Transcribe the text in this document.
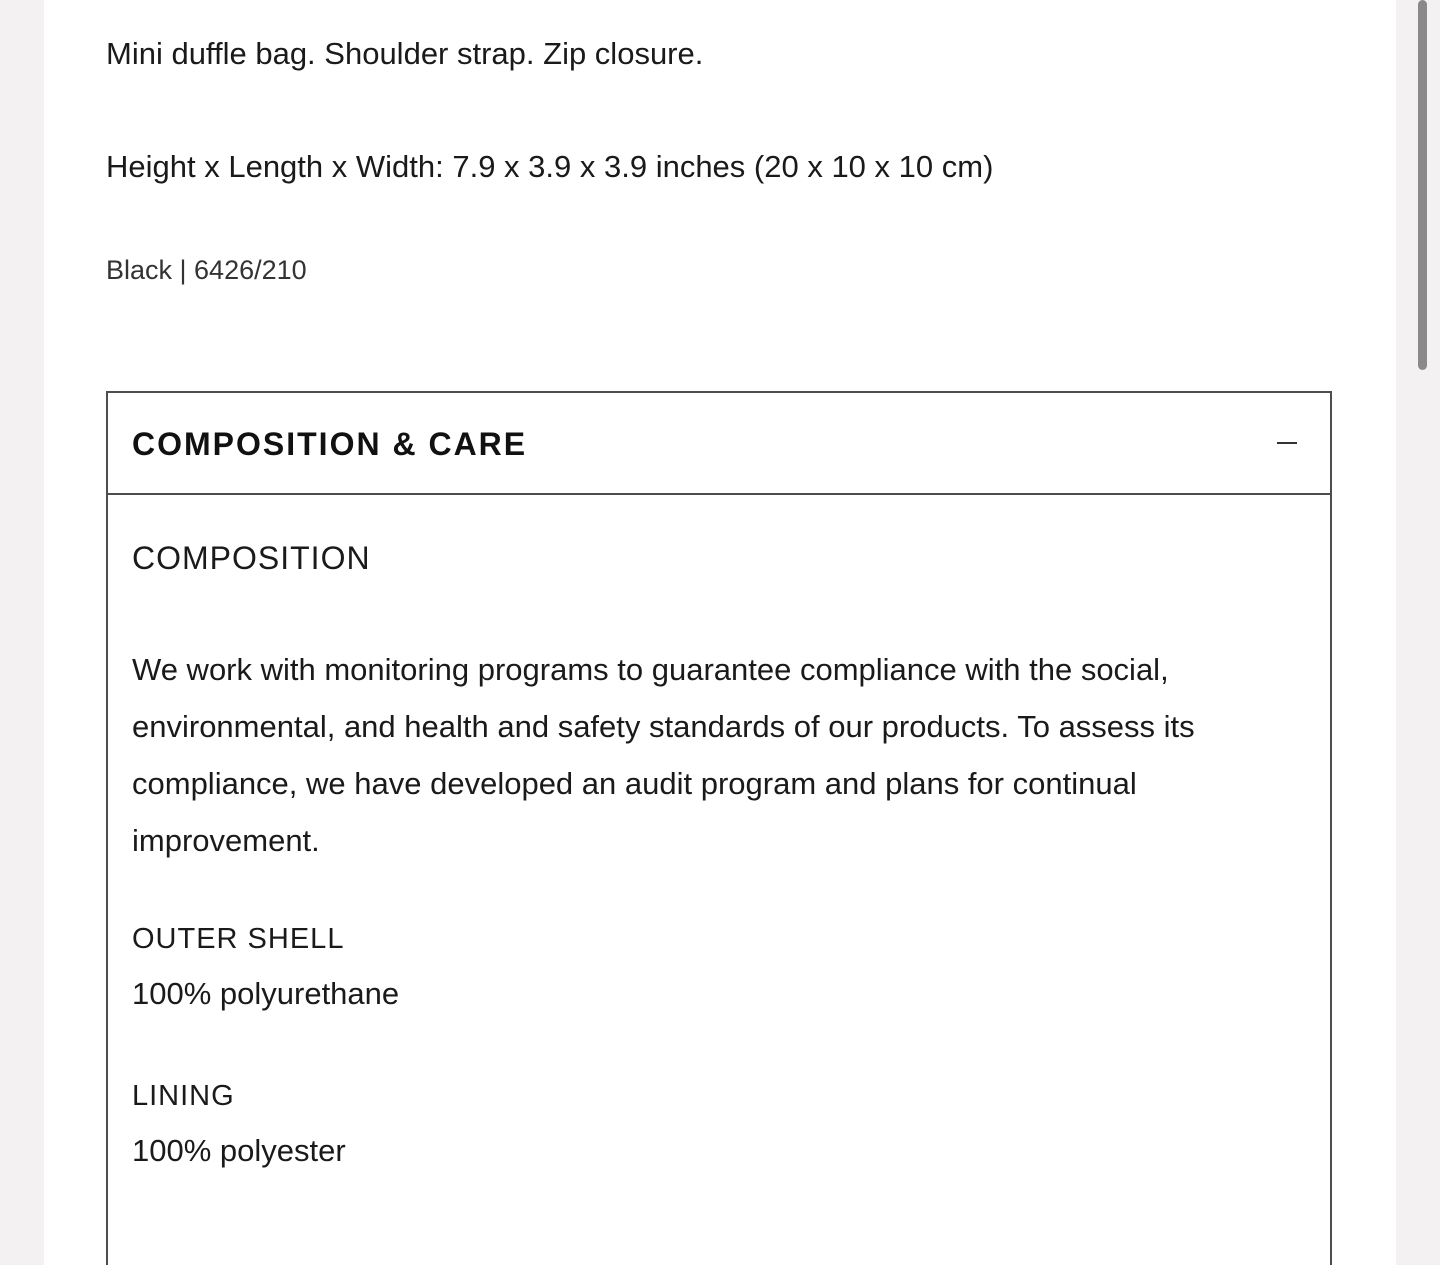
Mini duffle bag. Shoulder strap. Zip closure.

Height x Length x Width: 7.9 x 3.9 x 3.9 inches (20 x 10 x 10 cm)

Black | 6426/210
COMPOSITION & CARE
COMPOSITION

We work with monitoring programs to guarantee compliance with the social, environmental, and health and safety standards of our products. To assess its compliance, we have developed an audit program and plans for continual improvement.

OUTER SHELL
100% polyurethane
LINING
100% polyester
